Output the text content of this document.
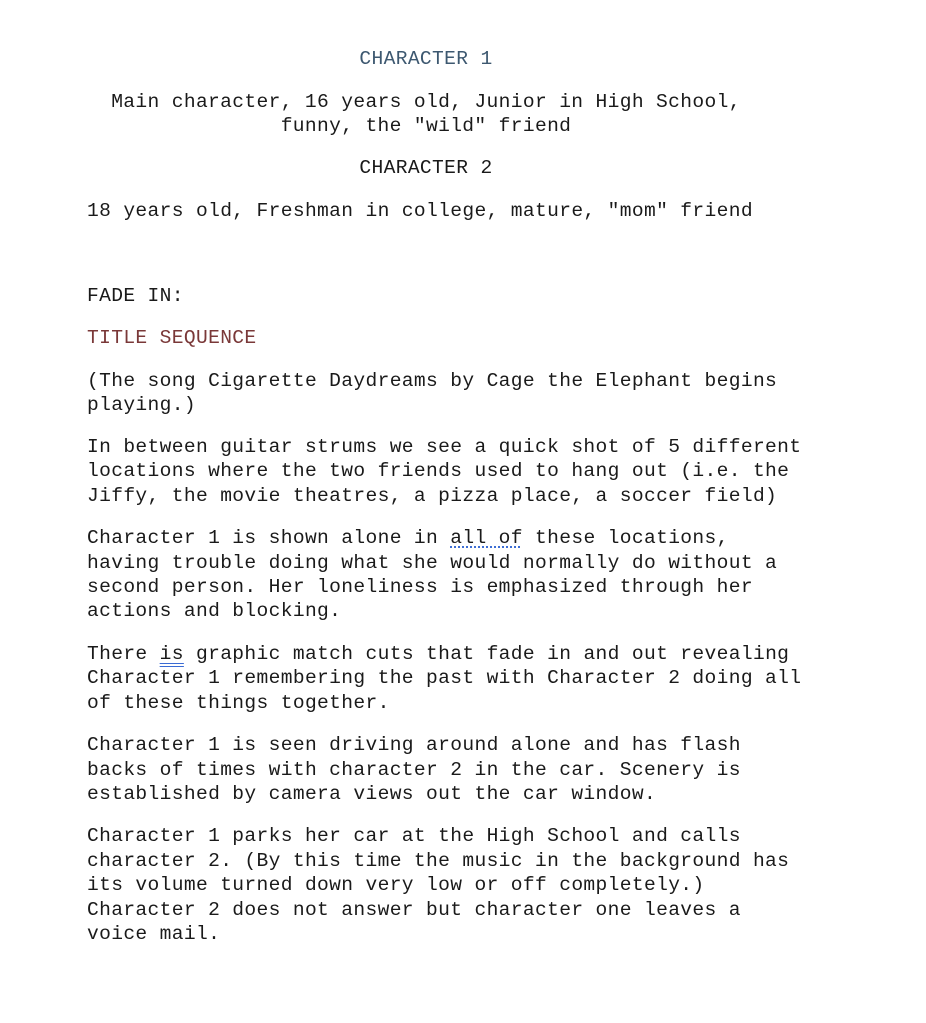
CHARACTER 1
Main character, 16 years old, Junior in High School,
funny, the "wild" friend
CHARACTER 2
18 years old, Freshman in college, mature, "mom" friend
FADE IN:
TITLE SEQUENCE
(The song Cigarette Daydreams by Cage the Elephant begins
playing.)
In between guitar strums we see a quick shot of 5 different
locations where the two friends used to hang out (i.e. the
Jiffy, the movie theatres, a pizza place, a soccer field)
Character 1 is shown alone in all of these locations,
having trouble doing what she would normally do without a
second person. Her loneliness is emphasized through her
actions and blocking.
There is graphic match cuts that fade in and out revealing
Character 1 remembering the past with Character 2 doing all
of these things together.
Character 1 is seen driving around alone and has flash
backs of times with character 2 in the car. Scenery is
established by camera views out the car window.
Character 1 parks her car at the High School and calls
character 2. (By this time the music in the background has
its volume turned down very low or off completely.)
Character 2 does not answer but character one leaves a
voice mail.
